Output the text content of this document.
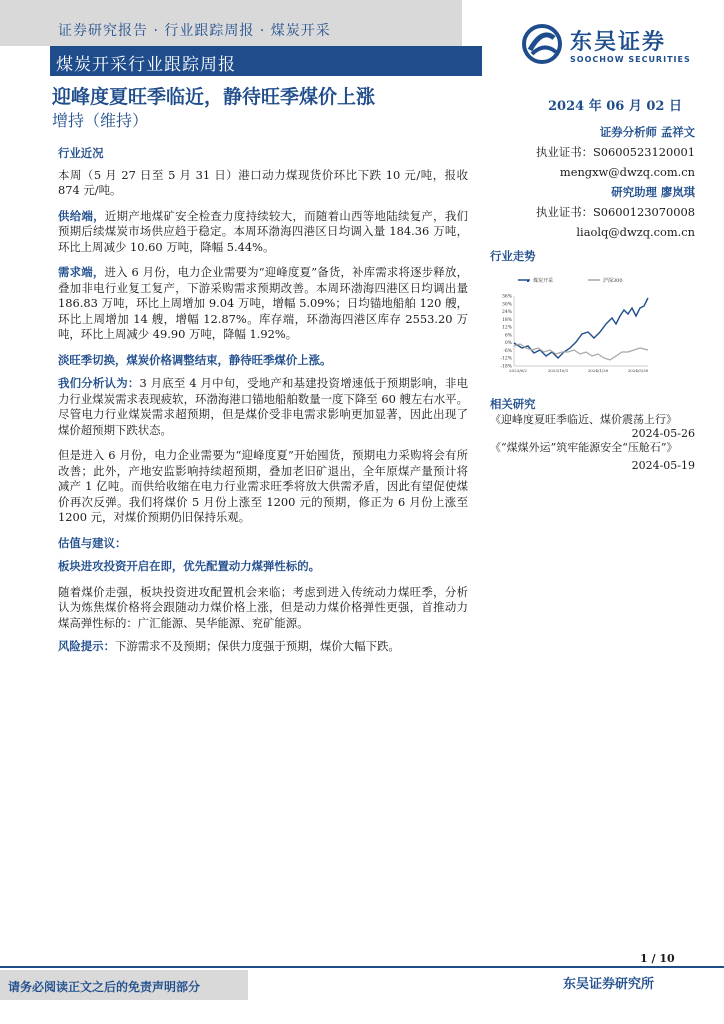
证券研究报告 · 行业跟踪周报 · 煤炭开采
煤炭开采行业跟踪周报
东吴证券
SOOCHOW SECURITIES
迎峰度夏旺季临近，静待旺季煤价上涨
增持（维持）
2024 年 06 月 02 日
行业近况

本周（5 月 27 日至 5 月 31 日）港口动力煤现货价环比下跌 10 元/吨，报收 874 元/吨。

供给端，近期产地煤矿安全检查力度持续较大，而随着山西等地陆续复产，我们预期后续煤炭市场供应趋于稳定。本周环渤海四港区日均调入量 184.36 万吨，环比上周减少 10.60 万吨，降幅 5.44%。

需求端，进入 6 月份，电力企业需要为“迎峰度夏”备货，补库需求将逐步释放，叠加非电行业复工复产，下游采购需求预期改善。本周环渤海四港区日均调出量 186.83 万吨，环比上周增加 9.04 万吨，增幅 5.09%；日均锚地船舶 120 艘，环比上周增加 14 艘，增幅 12.87%。库存端，环渤海四港区库存 2553.20 万吨，环比上周减少 49.90 万吨，降幅 1.92%。

淡旺季切换，煤炭价格调整结束，静待旺季煤价上涨。

我们分析认为：3 月底至 4 月中旬，受地产和基建投资增速低于预期影响，非电力行业煤炭需求表现疲软，环渤海港口锚地船舶数量一度下降至 60 艘左右水平。尽管电力行业煤炭需求超预期，但是煤价受非电需求影响更加显著，因此出现了煤价超预期下跌状态。

但是进入 6 月份，电力企业需要为“迎峰度夏”开始囤货，预期电力采购将会有所改善；此外，产地安监影响持续超预期，叠加老旧矿退出，全年原煤产量预计将减产 1 亿吨。而供给收缩在电力行业需求旺季将放大供需矛盾，因此有望促使煤价再次反弹。我们将煤价 5 月份上涨至 1200 元的预期，修正为 6 月份上涨至 1200 元，对煤价预期仍旧保持乐观。

估值与建议：
板块进攻投资开启在即，优先配置动力煤弹性标的。

随着煤价走强，板块投资进攻配置机会来临；考虑到进入传统动力煤旺季，分析认为炼焦煤价格将会跟随动力煤价格上涨，但是动力煤价格弹性更强，首推动力煤高弹性标的：广汇能源、昊华能源、兖矿能源。

风险提示：下游需求不及预期；保供力度强于预期，煤价大幅下跌。

证券分析师 孟祥文
执业证书：S0600523120001
mengxw@dwzq.com.cn
研究助理 廖岚琪
执业证书：S0600123070008
liaolq@dwzq.com.cn
行业走势
煤炭开采	沪深300
36%
30%
24%
18%
12%
6%
0%
-6%
-12%
-18%
2023/6/2	2023/10/1	2024/1/30	2024/5/30
相关研究
《迎峰度夏旺季临近、煤价震荡上行》
2024-05-26
《“煤煤外运”筑牢能源安全“压舱石”》
2024-05-19
1 / 10
请务必阅读正文之后的免责声明部分	东吴证券研究所
